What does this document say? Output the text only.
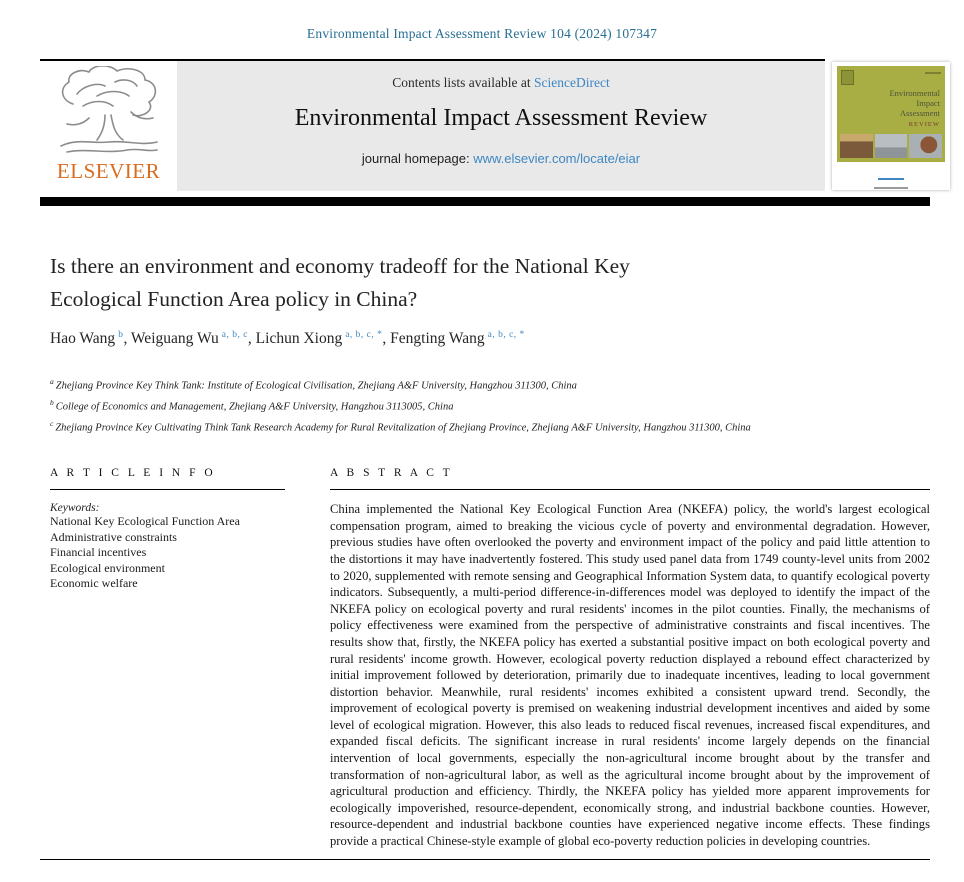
Environmental Impact Assessment Review 104 (2024) 107347
ELSEVIER
Contents lists available at ScienceDirect
Environmental Impact Assessment Review
journal homepage: www.elsevier.com/locate/eiar
Environmental
Impact
Assessment
REVIEW
Is there an environment and economy tradeoff for the National Key Ecological Function Area policy in China?
Hao Wang $^b$, Weiguang Wu $^{a, b, c}$, Lichun Xiong $^{a, b, c, *}$, Fengting Wang $^{a, b, c, *}$
$^a$ Zhejiang Province Key Think Tank: Institute of Ecological Civilisation, Zhejiang A&F University, Hangzhou 311300, China
$^b$ College of Economics and Management, Zhejiang A&F University, Hangzhou 3113005, China
$^c$ Zhejiang Province Key Cultivating Think Tank Research Academy for Rural Revitalization of Zhejiang Province, Zhejiang A&F University, Hangzhou 311300, China
A R T I C L E I N F O
Keywords:
National Key Ecological Function Area
Administrative constraints
Financial incentives
Ecological environment
Economic welfare
A B S T R A C T

China implemented the National Key Ecological Function Area (NKEFA) policy, the world's largest ecological compensation program, aimed to breaking the vicious cycle of poverty and environmental degradation. However, previous studies have often overlooked the poverty and environment impact of the policy and paid little attention to the distortions it may have inadvertently fostered. This study used panel data from 1749 county-level units from 2002 to 2020, supplemented with remote sensing and Geographical Information System data, to quantify ecological poverty indicators. Subsequently, a multi-period difference-in-differences model was deployed to identify the impact of the NKEFA policy on ecological poverty and rural residents' incomes in the pilot counties. Finally, the mechanisms of policy effectiveness were examined from the perspective of administrative constraints and fiscal incentives. The results show that, firstly, the NKEFA policy has exerted a substantial positive impact on both ecological poverty and rural residents' income growth. However, ecological poverty reduction displayed a rebound effect characterized by initial improvement followed by deterioration, primarily due to inadequate incentives, leading to local government distortion behavior. Meanwhile, rural residents' incomes exhibited a consistent upward trend. Secondly, the improvement of ecological poverty is premised on weakening industrial development incentives and aided by some level of ecological migration. However, this also leads to reduced fiscal revenues, increased fiscal expenditures, and expanded fiscal deficits. The significant increase in rural residents' income largely depends on the financial intervention of local governments, especially the non-agricultural income brought about by the transfer and transformation of non-agricultural labor, as well as the agricultural income brought about by the improvement of agricultural production and efficiency. Thirdly, the NKEFA policy has yielded more apparent improvements for ecologically impoverished, resource-dependent, economically strong, and industrial backbone counties. However, resource-dependent and industrial backbone counties have experienced negative income effects. These findings provide a practical Chinese-style example of global eco-poverty reduction policies in developing countries.
